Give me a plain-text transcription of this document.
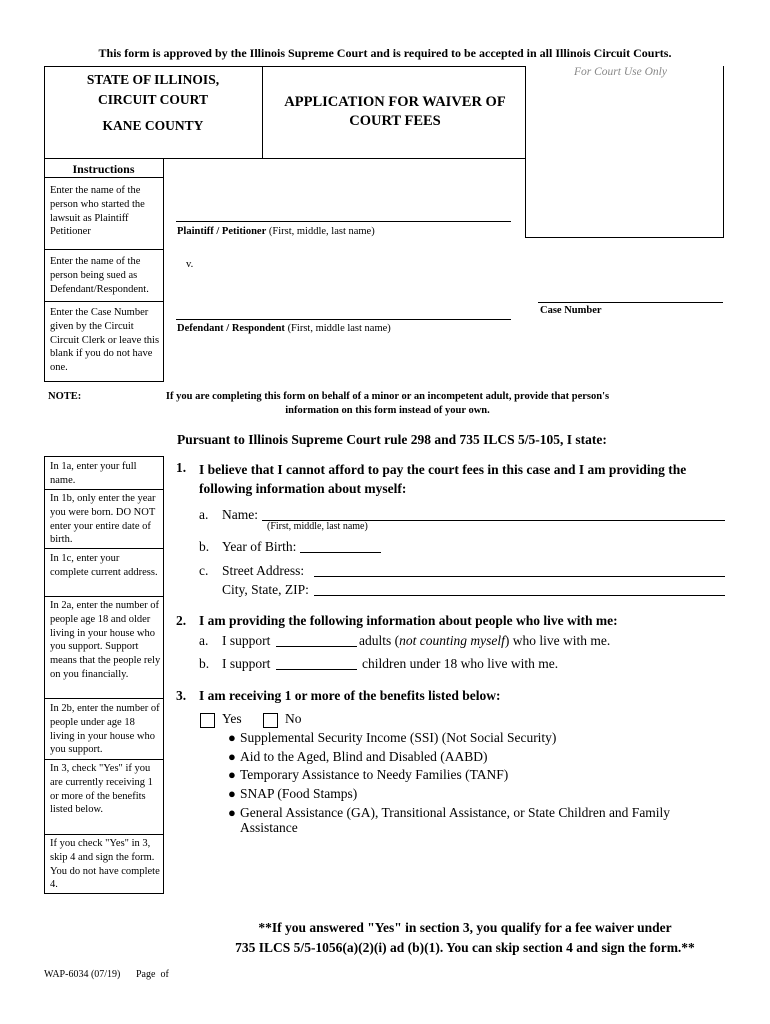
This form is approved by the Illinois Supreme Court and is required to be accepted in all Illinois Circuit Courts.
STATE OF ILLINOIS,
CIRCUIT COURT
KANE COUNTY
APPLICATION FOR WAIVER OF COURT FEES
For Court Use Only
Instructions
Enter the name of the person who started the lawsuit as Plaintiff Petitioner
Enter the name of the person being sued as Defendant/Respondent.
Enter the Case Number given by the Circuit Circuit Clerk or leave this blank if you do not have one.
Plaintiff / Petitioner (First, middle, last name)
v.
Defendant / Respondent (First, middle last name)
Case Number
NOTE:	If you are completing this form on behalf of a minor or an incompetent adult, provide that person's information on this form instead of your own.
Pursuant to Illinois Supreme Court rule 298 and 735 ILCS 5/5-105, I state:
In 1a, enter your full name.
In 1b, only enter the year you were born. DO NOT enter your entire date of birth.
In 1c, enter your complete current address.
In 2a, enter the number of people age 18 and older living in your house who you support. Support means that the people rely on you financially.
In 2b, enter the number of people under age 18 living in your house who you support.
In 3, check "Yes" if you are currently receiving 1 or more of the benefits listed below.
If you check "Yes" in 3, skip 4 and sign the form. You do not have complete 4.
1. I believe that I cannot afford to pay the court fees in this case and I am providing the following information about myself:
a. Name:
(First, middle, last name)
b. Year of Birth:
c. Street Address:
City, State, ZIP:
2. I am providing the following information about people who live with me:
a. I support	adults (not counting myself) who live with me.
b. I support	children under 18 who live with me.
3. I am receiving 1 or more of the benefits listed below:
Yes	No
● Supplemental Security Income (SSI) (Not Social Security)
● Aid to the Aged, Blind and Disabled (AABD)
● Temporary Assistance to Needy Families (TANF)
● SNAP (Food Stamps)
● General Assistance (GA), Transitional Assistance, or State Children and Family Assistance
**If you answered "Yes" in section 3, you qualify for a fee waiver under
735 ILCS 5/5-1056(a)(2)(i) ad (b)(1). You can skip section 4 and sign the form.**
WAP-6034 (07/19) Page  of
